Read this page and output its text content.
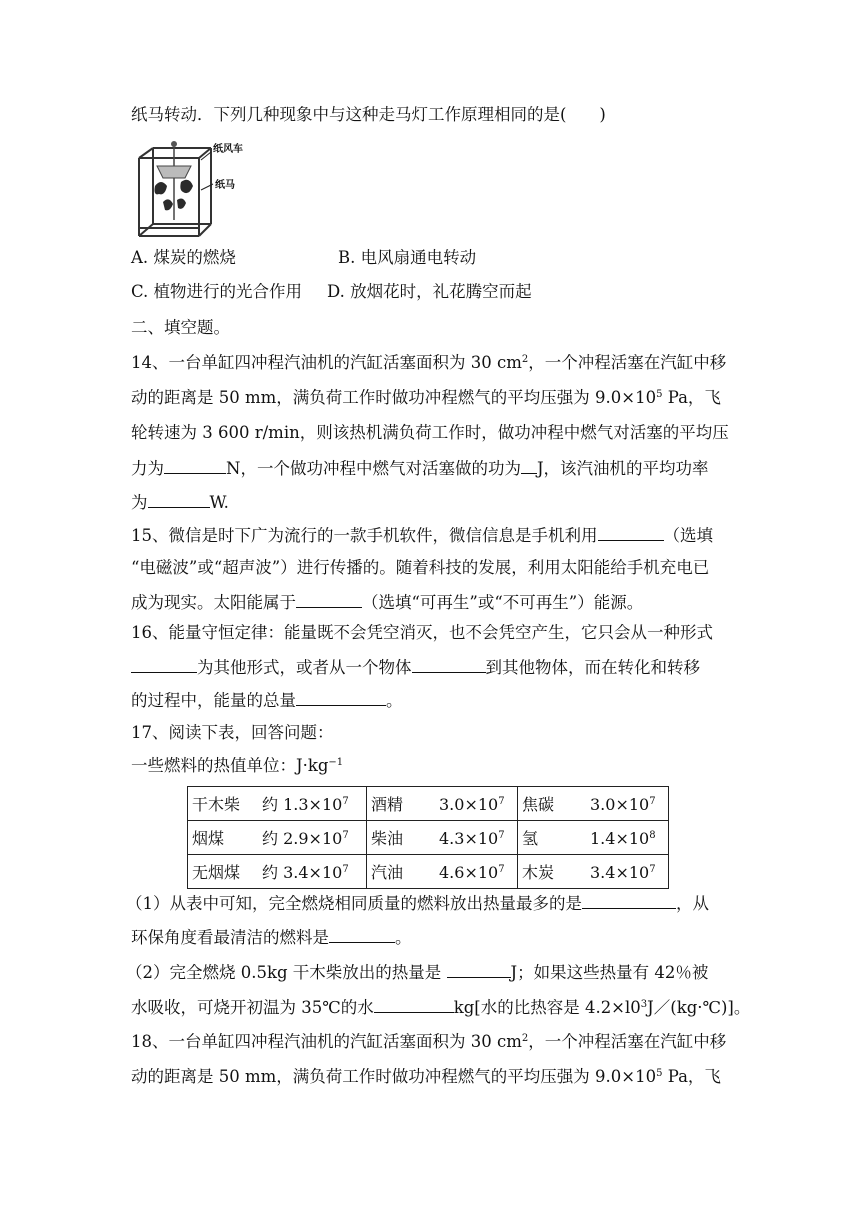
纸马转动．下列几种现象中与这种走马灯工作原理相同的是(　　)
纸风车
纸马
A. 煤炭的燃烧	B. 电风扇通电转动
C. 植物进行的光合作用 D. 放烟花时，礼花腾空而起
二、填空题。
14、一台单缸四冲程汽油机的汽缸活塞面积为 30 $cm^2$，一个冲程活塞在汽缸中移
动的距离是 50 mm，满负荷工作时做功冲程燃气的平均压强为 $9.0\times 10^5$ Pa，飞
轮转速为 3 600 r/min，则该热机满负荷工作时，做功冲程中燃气对活塞的平均压
力为	N，一个做功冲程中燃气对活塞做的功为 J，该汽油机的平均功率
为	W.
15、微信是时下广为流行的一款手机软件，微信信息是手机利用	（选填
“电磁波”或“超声波”）进行传播的。随着科技的发展，利用太阳能给手机充电已
成为现实。太阳能属于	（选填“可再生”或“不可再生”）能源。
16、能量守恒定律：能量既不会凭空消灭，也不会凭空产生，它只会从一种形式
为其他形式，或者从一个物体	到其他物体，而在转化和转移
的过程中，能量的总量	。
17、阅读下表，回答问题：
一些燃料的热值单位：$J\cdot kg^{-1}$
干木柴 约 $1.3\times 10^7$	酒精 $3.0\times 10^7$	焦碳 $3.0\times 10^7$
烟煤 约 $2.9\times 10^7$	柴油 $4.3\times 10^7$	氢 $1.4\times 10^8$
无烟煤 约 $3.4\times 10^7$	汽油 $4.6\times 10^7$	木炭 $3.4\times 10^7$
（1）从表中可知，完全燃烧相同质量的燃料放出热量最多的是	，从
环保角度看最清洁的燃料是	。
（2）完全燃烧 0.5kg 干木柴放出的热量是	J；如果这些热量有 42％被
水吸收，可烧开初温为 35℃的水	kg[水的比热容是 $4.2\times l0^3J/(kg\cdot℃)$]。
18、一台单缸四冲程汽油机的汽缸活塞面积为 30 $cm^2$，一个冲程活塞在汽缸中移
动的距离是 50 mm，满负荷工作时做功冲程燃气的平均压强为 $9.0\times 10^5$ Pa，飞
